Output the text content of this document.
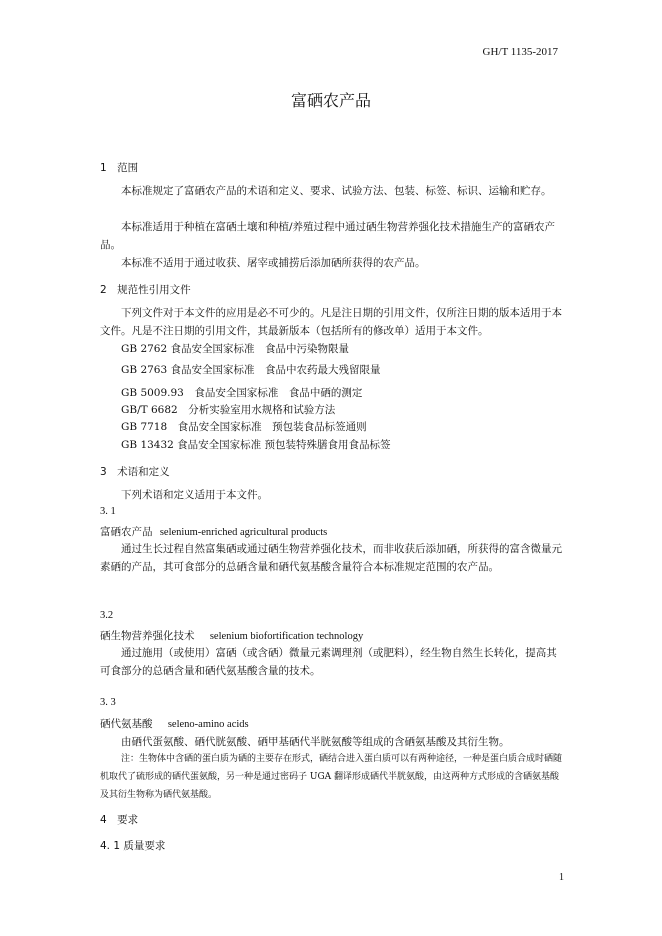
GH/T 1135-2017
富硒农产品
1　范围
本标准规定了富硒农产品的术语和定义、要求、试验方法、包装、标签、标识、运输和贮存。
本标准适用于种植在富硒土壤和种植/养殖过程中通过硒生物营养强化技术措施生产的富硒农产品。
本标准不适用于通过收获、屠宰或捕捞后添加硒所获得的农产品。
2　规范性引用文件
下列文件对于本文件的应用是必不可少的。凡是注日期的引用文件，仅所注日期的版本适用于本文件。凡是不注日期的引用文件，其最新版本（包括所有的修改单）适用于本文件。
GB 2762 食品安全国家标准　食品中污染物限量
GB 2763 食品安全国家标准　食品中农药最大残留限量
GB 5009.93　食品安全国家标准　食品中硒的测定
GB/T 6682　分析实验室用水规格和试验方法
GB 7718　食品安全国家标准　预包装食品标签通则
GB 13432 食品安全国家标准 预包装特殊膳食用食品标签
3　术语和定义
下列术语和定义适用于本文件。
3. 1
富硒农产品 selenium-enriched agricultural products
通过生长过程自然富集硒或通过硒生物营养强化技术，而非收获后添加硒，所获得的富含微量元素硒的产品，其可食部分的总硒含量和硒代氨基酸含量符合本标准规定范围的农产品。
3.2
硒生物营养强化技术 selenium biofortification technology
通过施用（或使用）富硒（或含硒）微量元素调理剂（或肥料），经生物自然生长转化，提高其可食部分的总硒含量和硒代氨基酸含量的技术。
3. 3
硒代氨基酸 seleno-amino acids
由硒代蛋氨酸、硒代胱氨酸、硒甲基硒代半胱氨酸等组成的含硒氨基酸及其衍生物。
注：生物体中含硒的蛋白质为硒的主要存在形式，硒结合进入蛋白质可以有两种途径，一种是蛋白质合成时硒随机取代了硫形成的硒代蛋氨酸，另一种是通过密码子 UGA 翻译形成硒代半胱氨酸，由这两种方式形成的含硒氨基酸及其衍生物称为硒代氨基酸。
4　要求
4. 1 质量要求
1
